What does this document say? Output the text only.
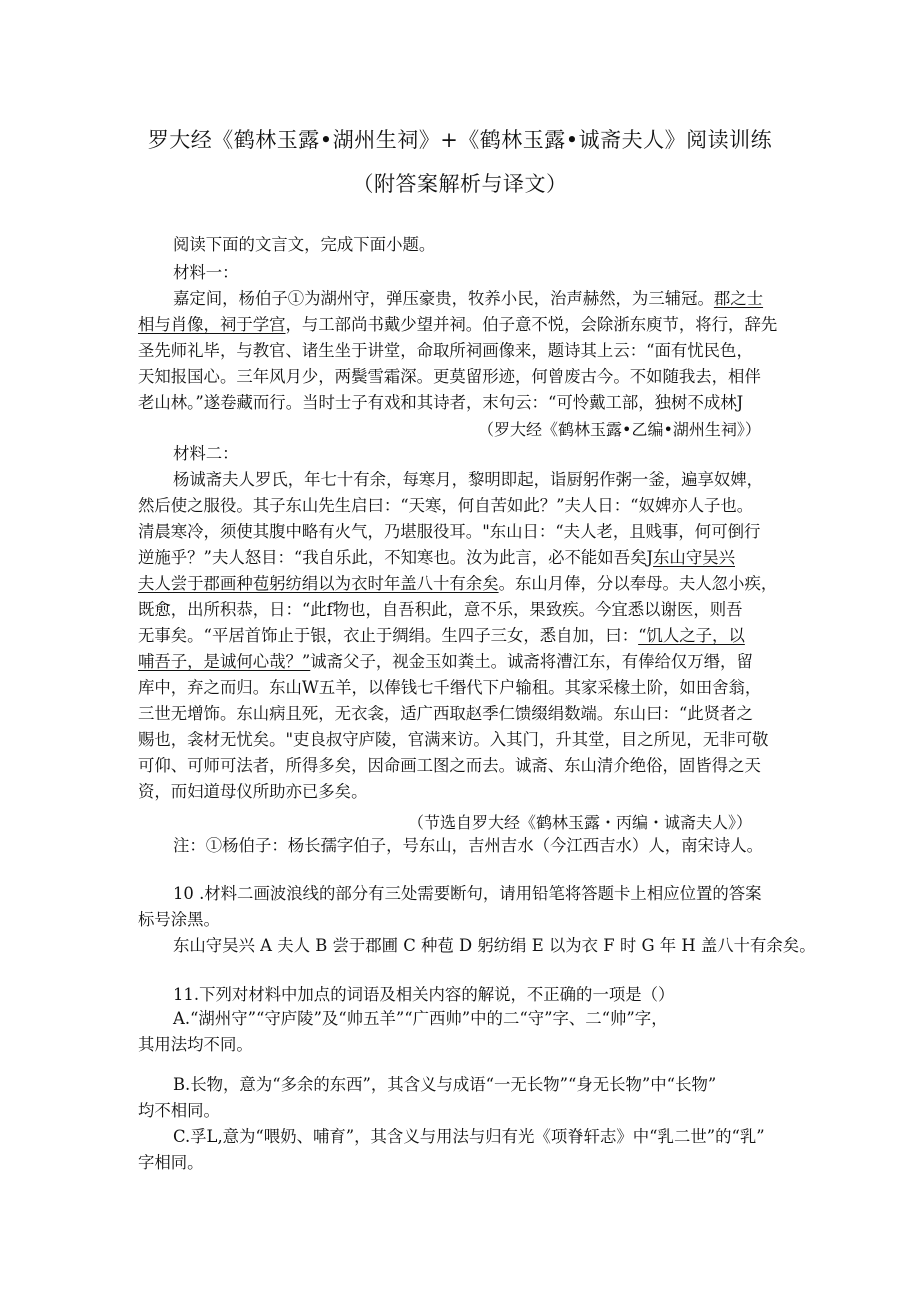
罗大经《鹤林玉露•湖州生祠》+《鹤林玉露•诚斋夫人》阅读训练
（附答案解析与译文）
阅读下面的文言文，完成下面小题。
材料一：
嘉定间，杨伯子①为湖州守，弹压豪贵，牧养小民，治声赫然，为三辅冠。郡之士
相与肖像，祠于学宫，与工部尚书戴少望并祠。伯子意不悦，会除浙东庾节，将行，辞先
圣先师礼毕，与教官、诸生坐于讲堂，命取所祠画像来，题诗其上云：“面有忧民色，
天知报国心。三年风月少，两鬓雪霜深。更莫留形迹，何曾废古今。不如随我去，相伴
老山林。”遂卷藏而行。当时士子有戏和其诗者，末句云：“可怜戴工部，独树不成林J
（罗大经《鹤林玉露•乙编•湖州生祠》）
材料二：
杨诚斋夫人罗氏，年七十有余，每寒月，黎明即起，诣厨躬作粥一釜，遍享奴婢，
然后使之服役。其子东山先生启曰：“天寒，何自苦如此？”夫人日：“奴婢亦人子也。
清晨寒冷，须使其腹中略有火气，乃堪服役耳。"东山日：“夫人老，且贱事，何可倒行
逆施乎？”夫人怒目：“我自乐此，不知寒也。汝为此言，必不能如吾矣J东山守吴兴
夫人尝于郡画种苞躬纺绢以为衣时年盖八十有余矣。东山月俸，分以奉母。夫人忽小疾，
既愈，出所积恭，日：“此f物也，自吾积此，意不乐，果致疾。今宜悉以谢医，则吾
无事矣。“平居首饰止于银，衣止于绸绢。生四子三女，悉自加，曰：“饥人之子，以
哺吾子，是诚何心哉？”诚斋父子，视金玉如粪土。诚斋将漕江东，有俸给仅万缗，留
库中，弃之而归。东山W五羊，以俸钱七千缗代下户输租。其家采椽土阶，如田舍翁，
三世无增饰。东山病且死，无衣衾，适广西取赵季仁馈缀绢数端。东山曰：“此贤者之
赐也，衾材无忧矣。"吏良叔守庐陵，官满来访。入其门，升其堂，目之所见，无非可敬
可仰、可师可法者，所得多矣，因命画工图之而去。诚斋、东山清介绝俗，固皆得之天
资，而妇道母仪所助亦已多矣。
（节选自罗大经《鹤林玉露・丙编・诚斋夫人》）
注：①杨伯子：杨长孺字伯子，号东山，吉州吉水（今江西吉水）人，南宋诗人。
10 .材料二画波浪线的部分有三处需要断句，请用铅笔将答题卡上相应位置的答案
标号涂黑。
东山守吴兴 A 夫人 B 尝于郡圃 C 种苞 D 躬纺绢 E 以为衣 F 时 G 年 H 盖八十有余矣。
11.下列对材料中加点的词语及相关内容的解说，不正确的一项是（）
A.“湖州守”“守庐陵”及“帅五羊”“广西帅”中的二“守”字、二“帅”字，
其用法均不同。
B.长物，意为“多余的东西”，其含义与成语“一无长物”“身无长物”中“长物”
均不相同。
C.孚L,意为“喂奶、哺育”，其含义与用法与归有光《项脊轩志》中“乳二世”的“乳”
字相同。
